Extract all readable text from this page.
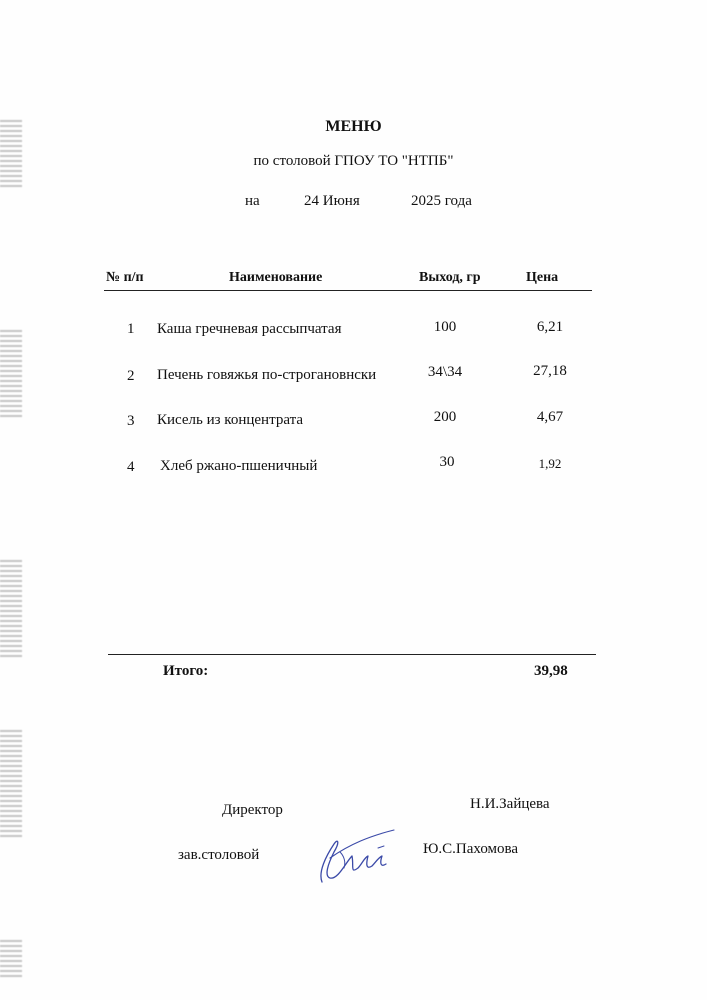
МЕНЮ
по столовой ГПОУ ТО "НТПБ"
на	24 Июня	2025 года
№ п/п	Наименование	Выход, гр	Цена
1 Каша гречневая рассыпчатая	100	6,21
2 Печень говяжья по-строгановнски	34\34	27,18
3 Кисель из концентрата	200	4,67
4 Хлеб ржано-пшеничный	30	1,92
Итого:	39,98
Директор	Н.И.Зайцева
зав.столовой	Ю.С.Пахомова
